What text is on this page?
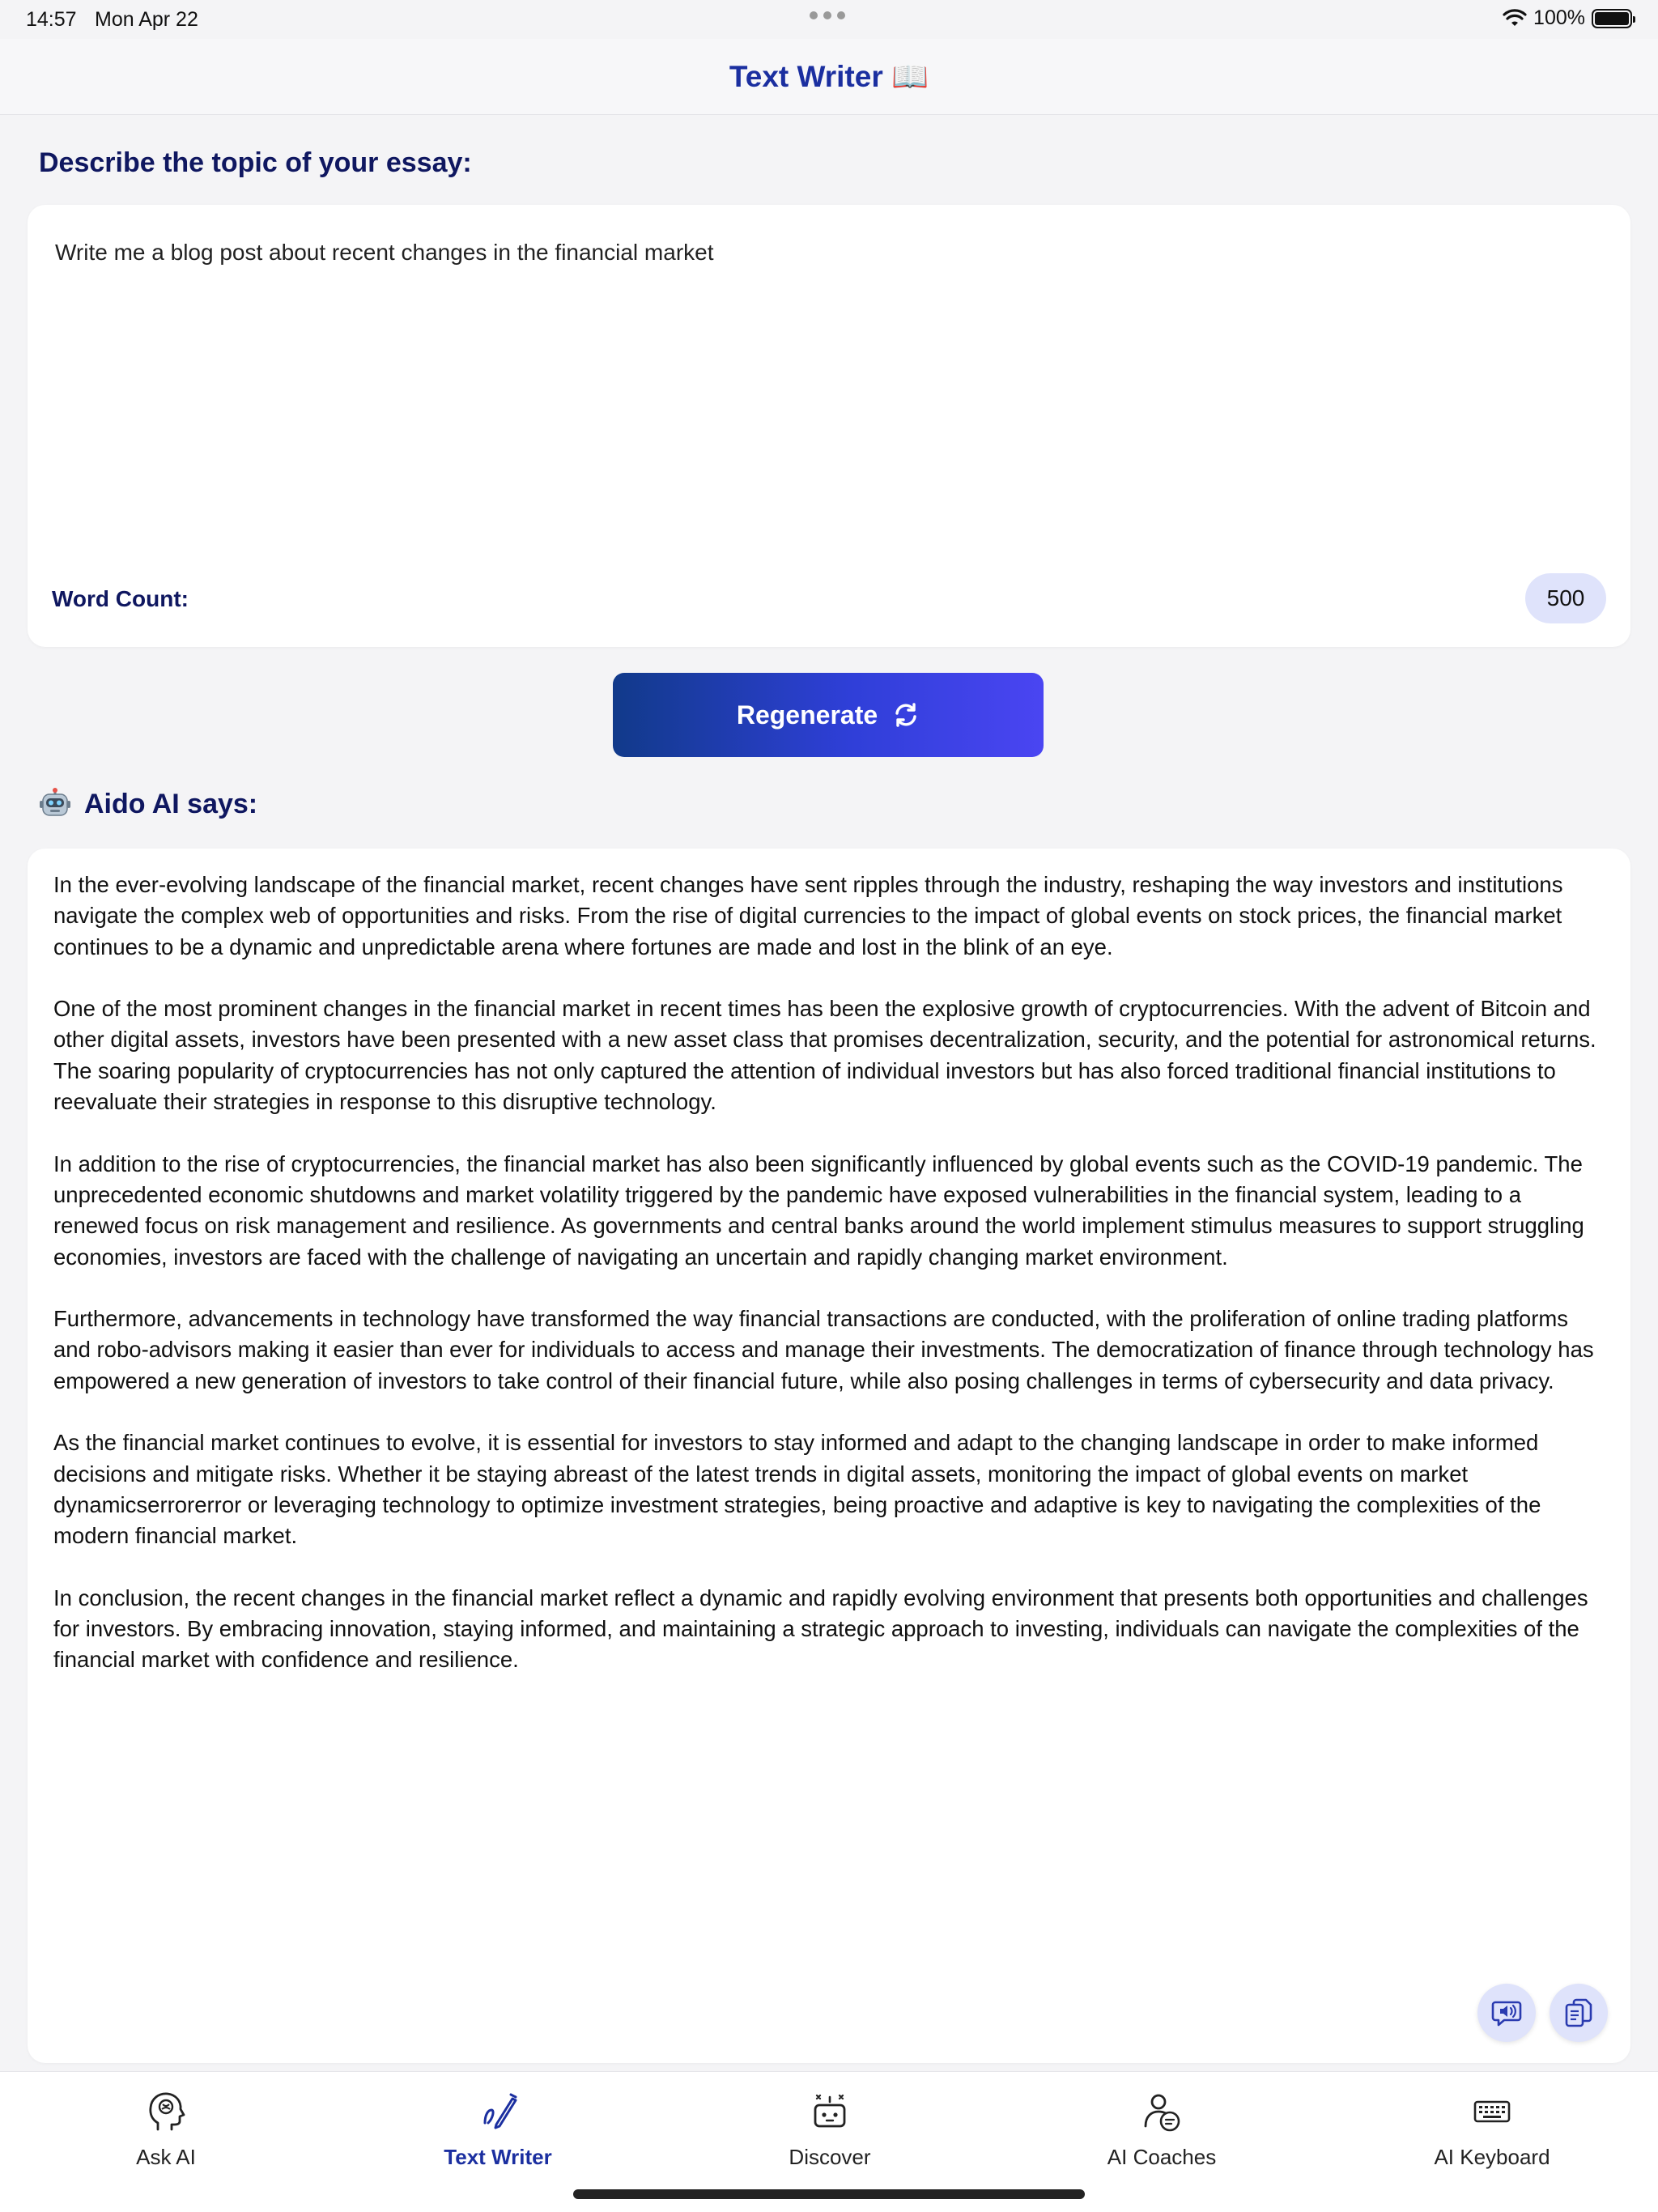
14:57 Mon Apr 22	100%
Text Writer 📖
Describe the topic of your essay:
Write me a blog post about recent changes in the financial market
Word Count:	500
Regenerate
Aido AI says:

In the ever-evolving landscape of the financial market, recent changes have sent ripples through the industry, reshaping the way investors and institutions navigate the complex web of opportunities and risks. From the rise of digital currencies to the impact of global events on stock prices, the financial market continues to be a dynamic and unpredictable arena where fortunes are made and lost in the blink of an eye.

One of the most prominent changes in the financial market in recent times has been the explosive growth of cryptocurrencies. With the advent of Bitcoin and other digital assets, investors have been presented with a new asset class that promises decentralization, security, and the potential for astronomical returns. The soaring popularity of cryptocurrencies has not only captured the attention of individual investors but has also forced traditional financial institutions to reevaluate their strategies in response to this disruptive technology.

In addition to the rise of cryptocurrencies, the financial market has also been significantly influenced by global events such as the COVID-19 pandemic. The unprecedented economic shutdowns and market volatility triggered by the pandemic have exposed vulnerabilities in the financial system, leading to a renewed focus on risk management and resilience. As governments and central banks around the world implement stimulus measures to support struggling economies, investors are faced with the challenge of navigating an uncertain and rapidly changing market environment.

Furthermore, advancements in technology have transformed the way financial transactions are conducted, with the proliferation of online trading platforms and robo-advisors making it easier than ever for individuals to access and manage their investments. The democratization of finance through technology has empowered a new generation of investors to take control of their financial future, while also posing challenges in terms of cybersecurity and data privacy.

As the financial market continues to evolve, it is essential for investors to stay informed and adapt to the changing landscape in order to make informed decisions and mitigate risks. Whether it be staying abreast of the latest trends in digital assets, monitoring the impact of global events on market dynamicserrorerror or leveraging technology to optimize investment strategies, being proactive and adaptive is key to navigating the complexities of the modern financial market.

In conclusion, the recent changes in the financial market reflect a dynamic and rapidly evolving environment that presents both opportunities and challenges for investors. By embracing innovation, staying informed, and maintaining a strategic approach to investing, individuals can navigate the complexities of the financial market with confidence and resilience.

Ask AI	Text Writer	Discover	AI Coaches	AI Keyboard
